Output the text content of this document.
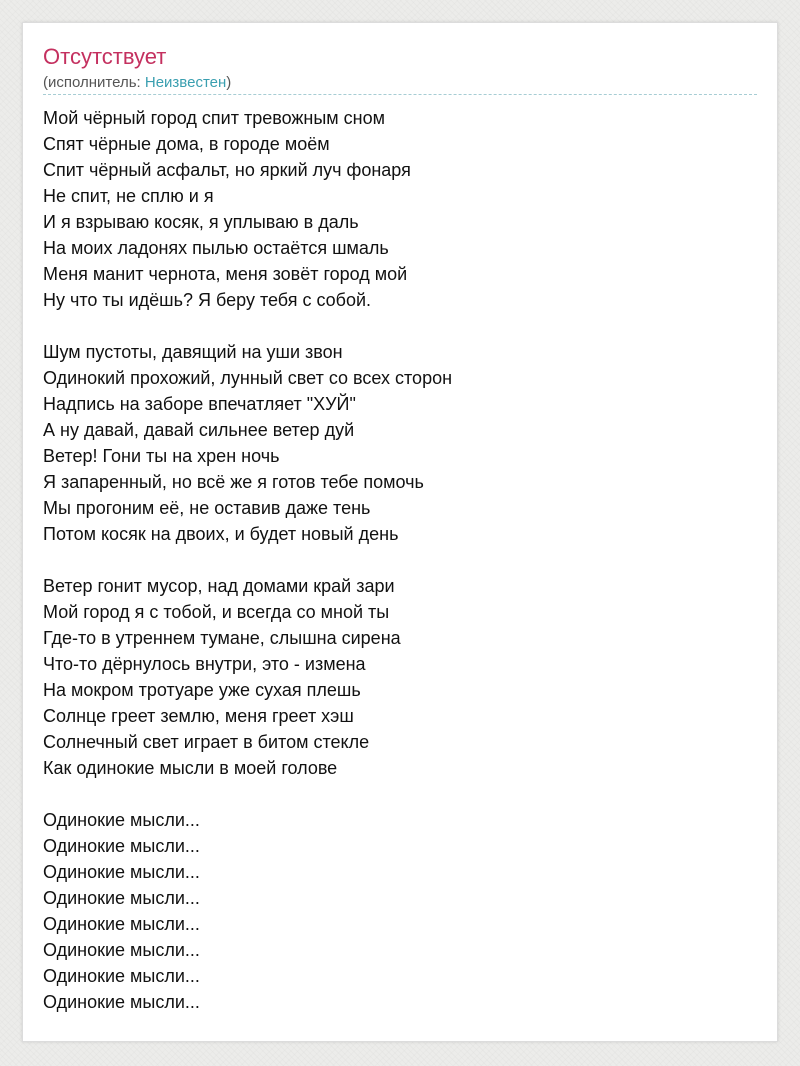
Отсутствует
(исполнитель: Неизвестен)
Мой чёрный город спит тревожным сном
Спят чёрные дома, в городе моём
Спит чёрный асфальт, но яркий луч фонаря
Не спит, не сплю и я
И я взрываю косяк, я уплываю в даль
На моих ладонях пылью остаётся шмаль
Меня манит чернота, меня зовёт город мой
Ну что ты идёшь? Я беру тебя с собой.
Шум пустоты, давящий на уши звон
Одинокий прохожий, лунный свет со всех сторон
Надпись на заборе впечатляет "ХУЙ"
А ну давай, давай сильнее ветер дуй
Ветер! Гони ты на хрен ночь
Я запаренный, но всё же я готов тебе помочь
Мы прогоним её, не оставив даже тень
Потом косяк на двоих, и будет новый день
Ветер гонит мусор, над домами край зари
Мой город я с тобой, и всегда со мной ты
Где-то в утреннем тумане, слышна сирена
Что-то дёрнулось внутри, это - измена
На мокром тротуаре уже сухая плешь
Солнце греет землю, меня греет хэш
Солнечный свет играет в битом стекле
Как одинокие мысли в моей голове
Одинокие мысли...
Одинокие мысли...
Одинокие мысли...
Одинокие мысли...
Одинокие мысли...
Одинокие мысли...
Одинокие мысли...
Одинокие мысли...
